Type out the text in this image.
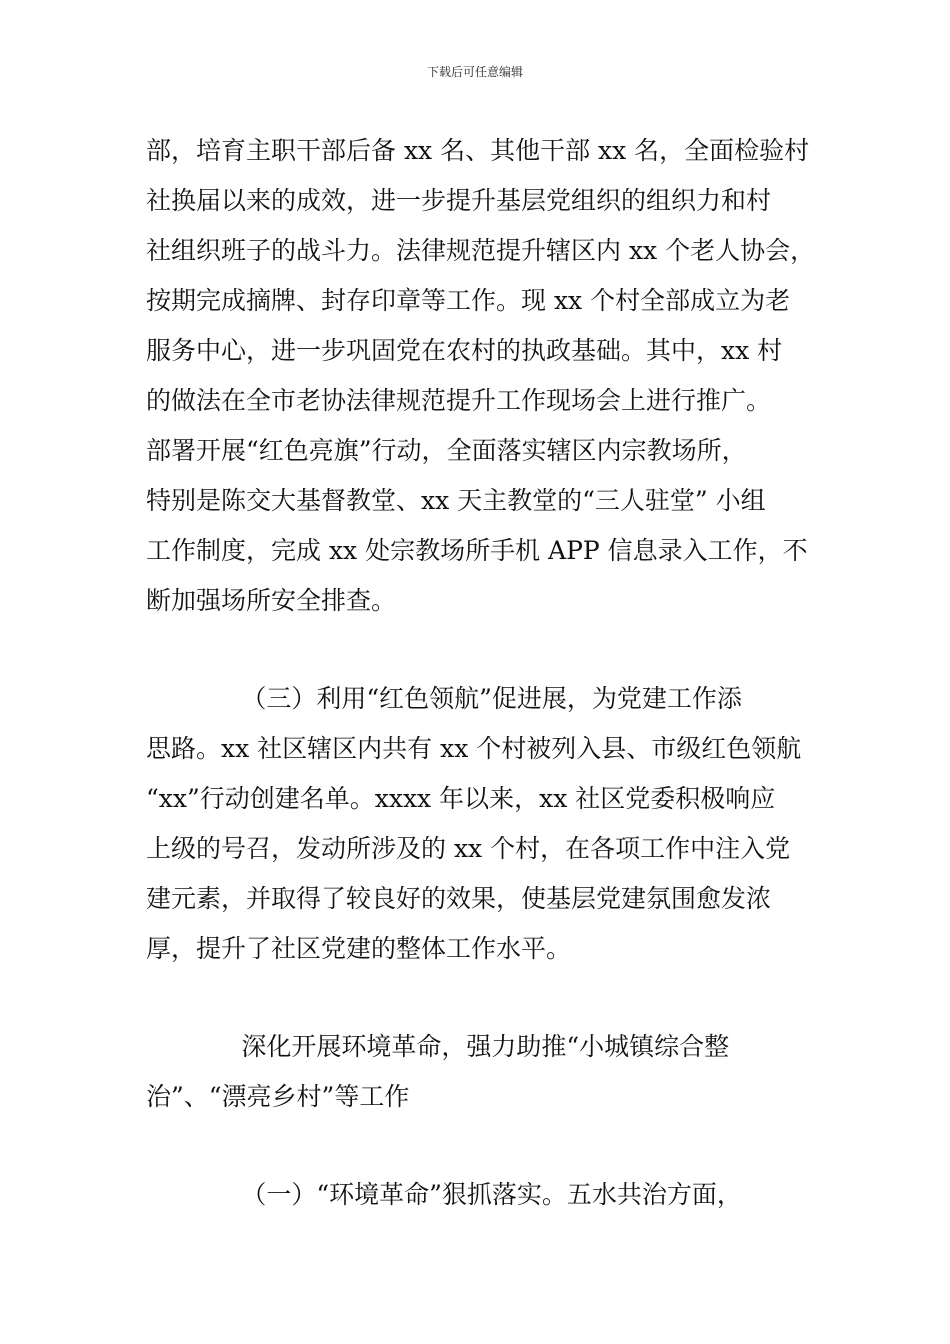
下载后可任意编辑
部，培育主职干部后备 xx 名、其他干部 xx 名，全面检验村
社换届以来的成效，进一步提升基层党组织的组织力和村
社组织班子的战斗力。法律规范提升辖区内 xx 个老人协会，
按期完成摘牌、封存印章等工作。现 xx 个村全部成立为老
服务中心，进一步巩固党在农村的执政基础。其中，xx 村
的做法在全市老协法律规范提升工作现场会上进行推广。
部署开展“红色亮旗”行动，全面落实辖区内宗教场所，
特别是陈交大基督教堂、xx 天主教堂的“三人驻堂” 小组
工作制度，完成 xx 处宗教场所手机 APP 信息录入工作，不
断加强场所安全排查。
（三）利用“红色领航”促进展，为党建工作添
思路。xx 社区辖区内共有 xx 个村被列入县、市级红色领航
“xx”行动创建名单。xxxx 年以来，xx 社区党委积极响应
上级的号召，发动所涉及的 xx 个村，在各项工作中注入党
建元素，并取得了较良好的效果，使基层党建氛围愈发浓
厚，提升了社区党建的整体工作水平。
深化开展环境革命，强力助推“小城镇综合整
治”、“漂亮乡村”等工作
（一）“环境革命”狠抓落实。五水共治方面，
